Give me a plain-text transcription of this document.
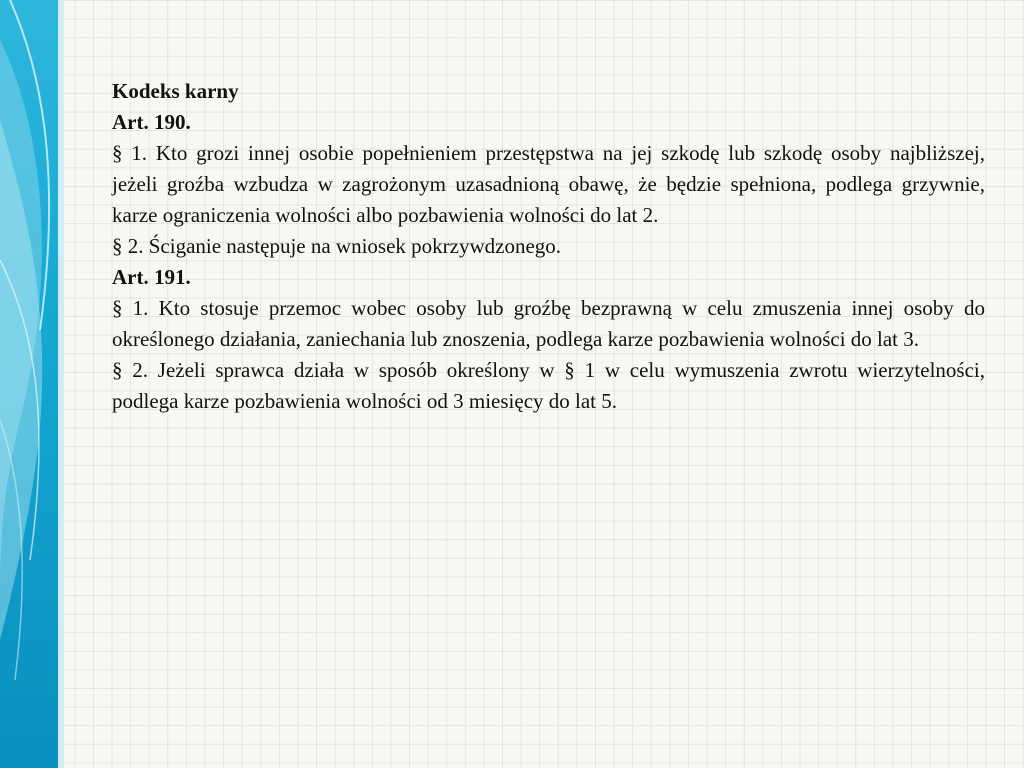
Kodeks karny

Art. 190.

§ 1. Kto grozi innej osobie popełnieniem przestępstwa na jej szkodę lub szkodę osoby najbliższej, jeżeli groźba wzbudza w zagrożonym uzasadnioną obawę, że będzie spełniona, podlega grzywnie, karze ograniczenia wolności albo pozbawienia wolności do lat 2.

§ 2. Ściganie następuje na wniosek pokrzywdzonego.

Art. 191.

§ 1. Kto stosuje przemoc wobec osoby lub groźbę bezprawną w celu zmuszenia innej osoby do określonego działania, zaniechania lub znoszenia, podlega karze pozbawienia wolności do lat 3.

§ 2. Jeżeli sprawca działa w sposób określony w § 1 w celu wymuszenia zwrotu wierzytelności, podlega karze pozbawienia wolności od 3 miesięcy do lat 5.
